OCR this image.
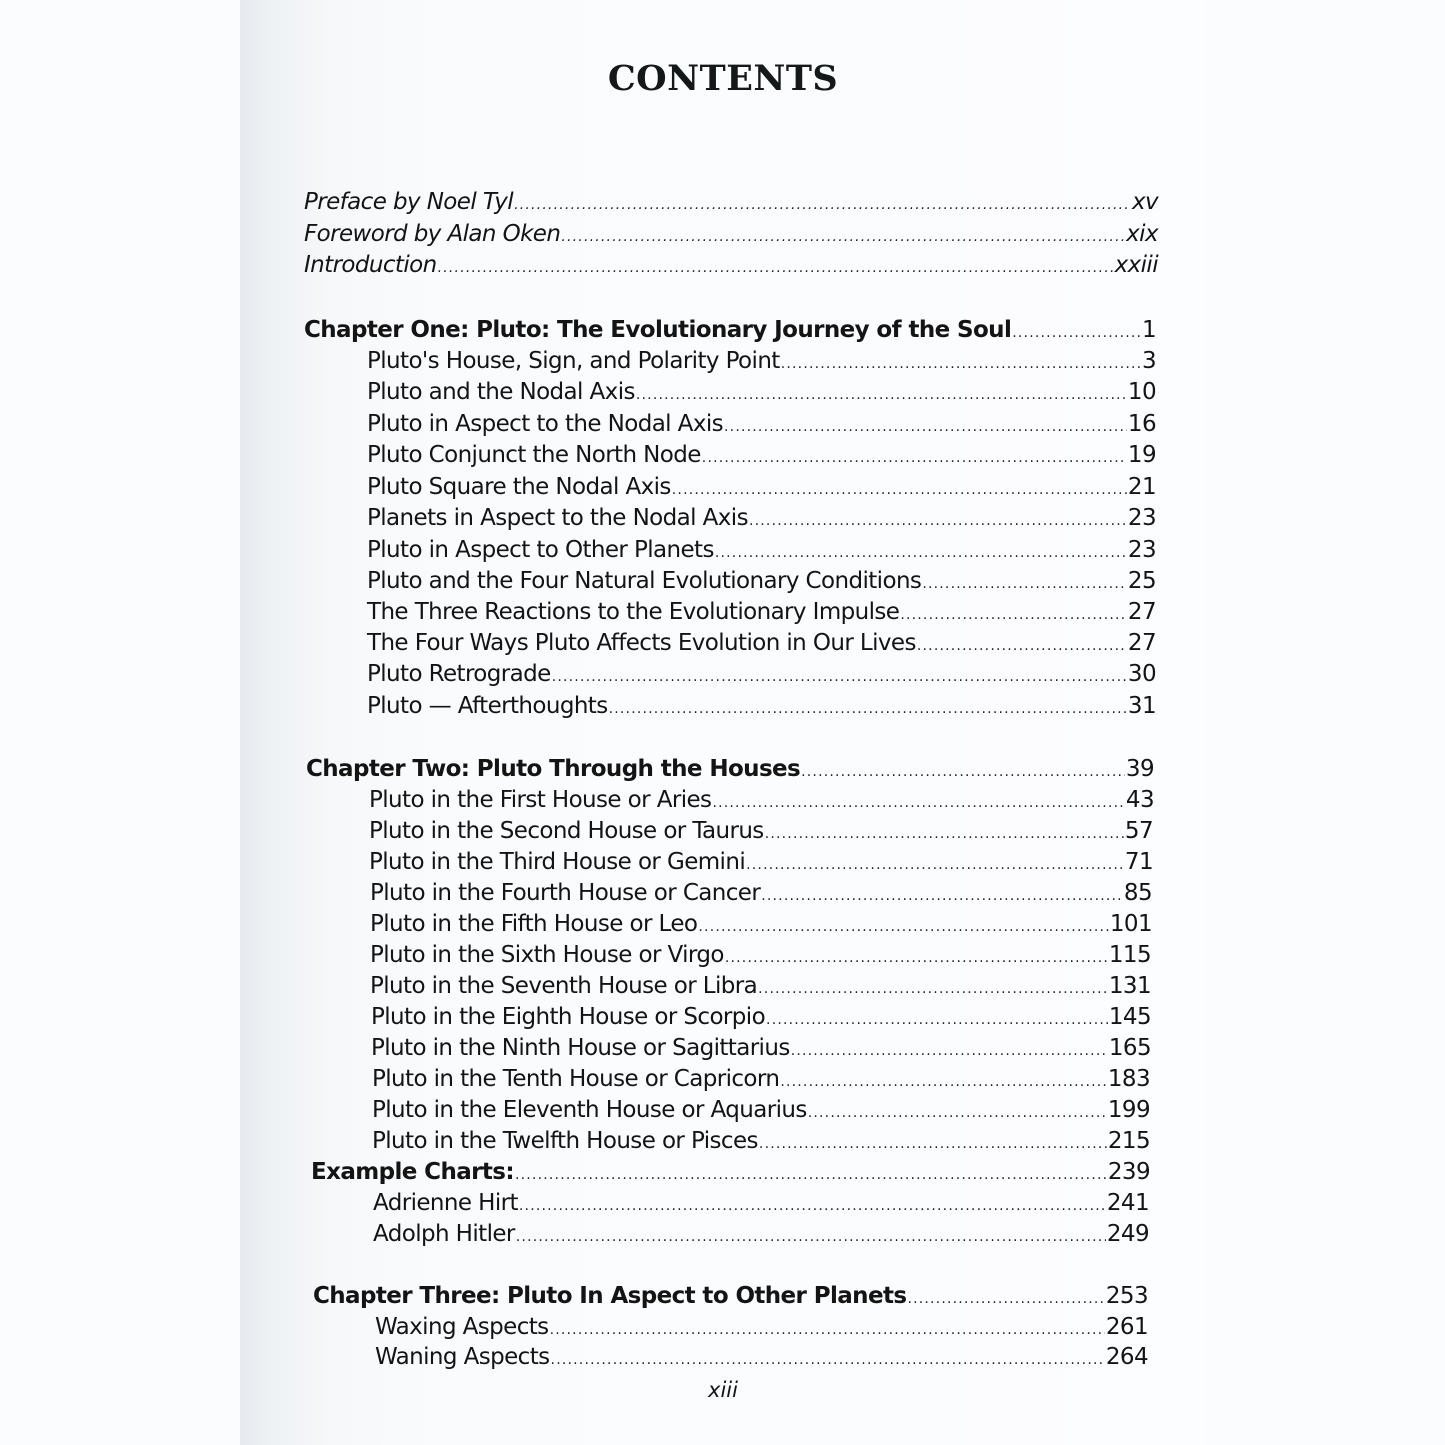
CONTENTS
Preface by Noel Tyl .....	xv
Foreword by Alan Oken .....	xix
Introduction .....	xxiii
Chapter One: Pluto: The Evolutionary Journey of the Soul .....	1
Pluto's House, Sign, and Polarity Point .....	3
Pluto and the Nodal Axis .....	10
Pluto in Aspect to the Nodal Axis .....	16
Pluto Conjunct the North Node .....	19
Pluto Square the Nodal Axis .....	21
Planets in Aspect to the Nodal Axis .....	23
Pluto in Aspect to Other Planets .....	23
Pluto and the Four Natural Evolutionary Conditions .....	25
The Three Reactions to the Evolutionary Impulse .....	27
The Four Ways Pluto Affects Evolution in Our Lives .....	27
Pluto Retrograde .....	30
Pluto — Afterthoughts .....	31
Chapter Two: Pluto Through the Houses .....	39
Pluto in the First House or Aries .....	43
Pluto in the Second House or Taurus .....	57
Pluto in the Third House or Gemini .....	71
Pluto in the Fourth House or Cancer .....	85
Pluto in the Fifth House or Leo .....	101
Pluto in the Sixth House or Virgo .....	115
Pluto in the Seventh House or Libra .....	131
Pluto in the Eighth House or Scorpio .....	145
Pluto in the Ninth House or Sagittarius .....	165
Pluto in the Tenth House or Capricorn .....	183
Pluto in the Eleventh House or Aquarius .....	199
Pluto in the Twelfth House or Pisces .....	215
Example Charts: .....	239
Adrienne Hirt .....	241
Adolph Hitler .....	249
Chapter Three: Pluto In Aspect to Other Planets .....	253
Waxing Aspects .....	261
Waning Aspects .....	264
xiii
